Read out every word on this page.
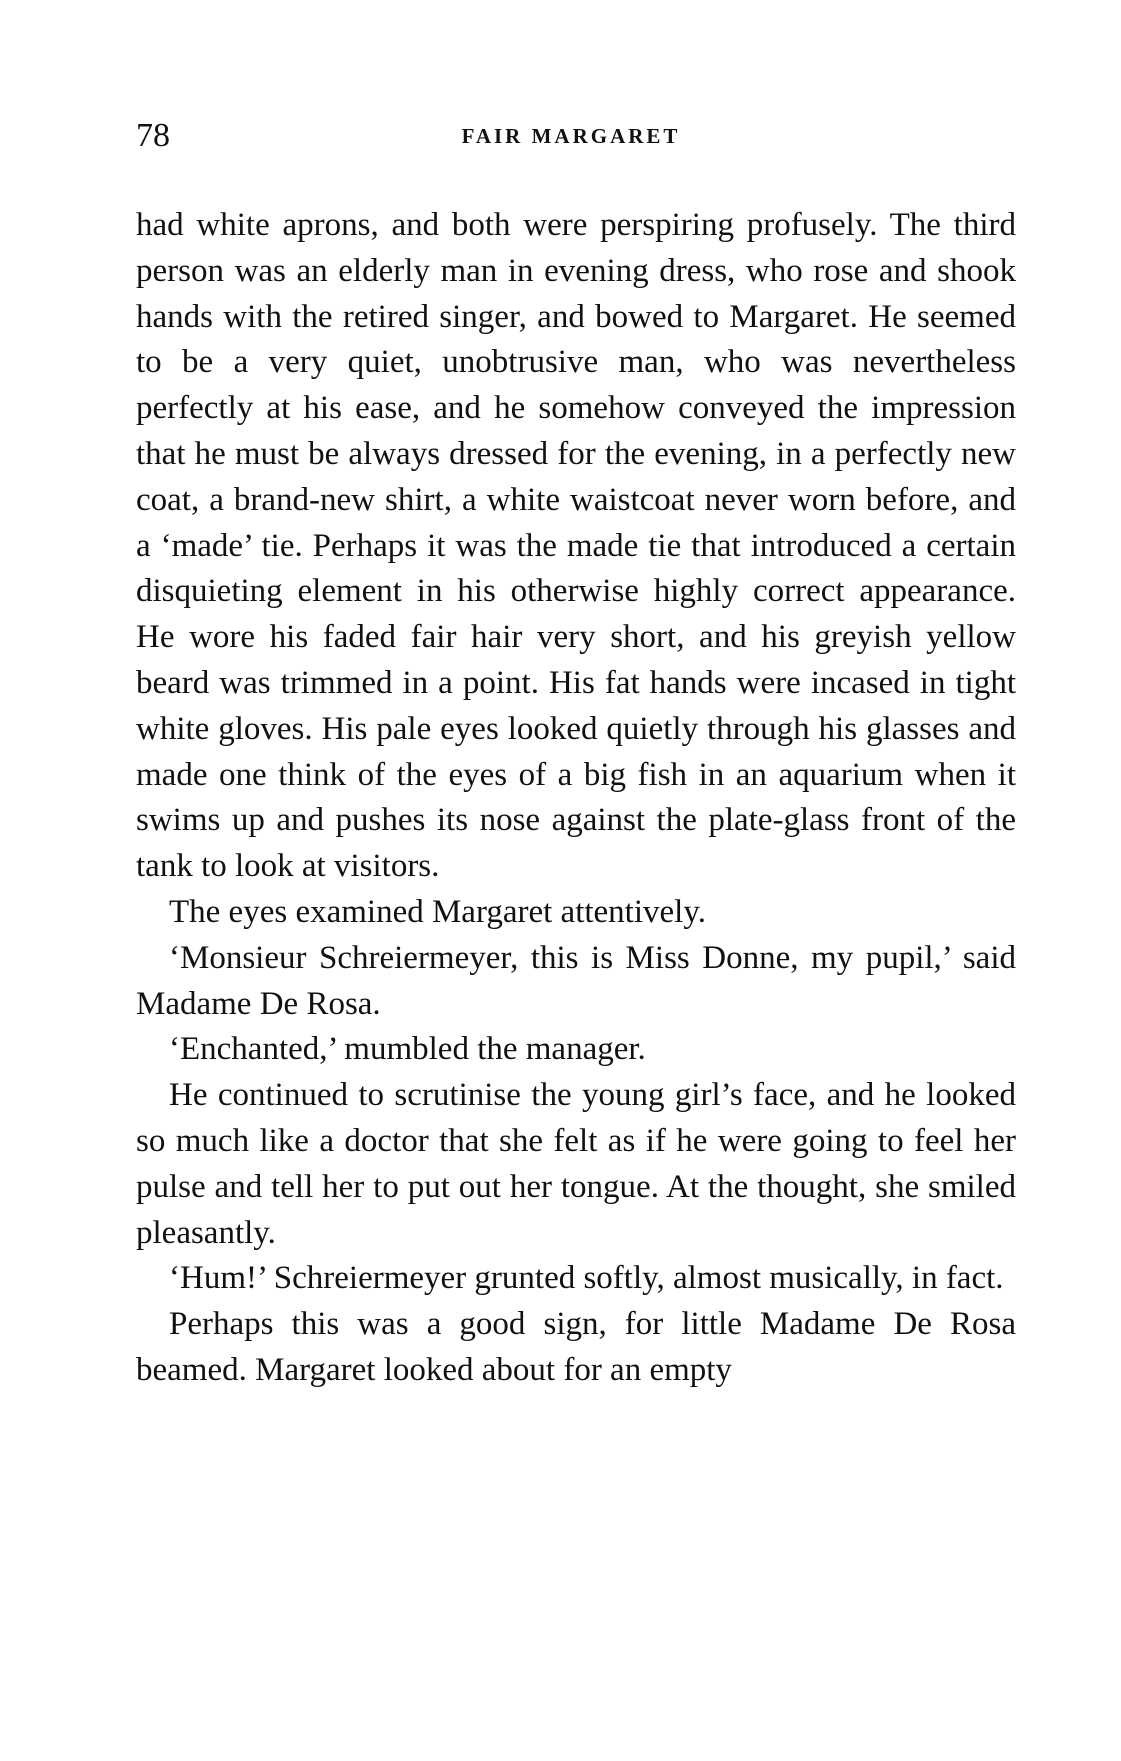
78	FAIR MARGARET

had white aprons, and both were perspiring profusely. The third person was an elderly man in evening dress, who rose and shook hands with the retired singer, and bowed to Margaret. He seemed to be a very quiet, unobtrusive man, who was nevertheless perfectly at his ease, and he somehow conveyed the impression that he must be always dressed for the evening, in a perfectly new coat, a brand-new shirt, a white waistcoat never worn before, and a ‘made’ tie. Perhaps it was the made tie that introduced a certain disquieting element in his otherwise highly correct appearance. He wore his faded fair hair very short, and his greyish yellow beard was trimmed in a point. His fat hands were incased in tight white gloves. His pale eyes looked quietly through his glasses and made one think of the eyes of a big fish in an aquarium when it swims up and pushes its nose against the plate-glass front of the tank to look at visitors.

The eyes examined Margaret attentively.

‘Monsieur Schreiermeyer, this is Miss Donne, my pupil,’ said Madame De Rosa.

‘Enchanted,’ mumbled the manager.

He continued to scrutinise the young girl’s face, and he looked so much like a doctor that she felt as if he were going to feel her pulse and tell her to put out her tongue. At the thought, she smiled pleasantly.

‘Hum!’ Schreiermeyer grunted softly, almost musically, in fact.

Perhaps this was a good sign, for little Madame De Rosa beamed. Margaret looked about for an empty
